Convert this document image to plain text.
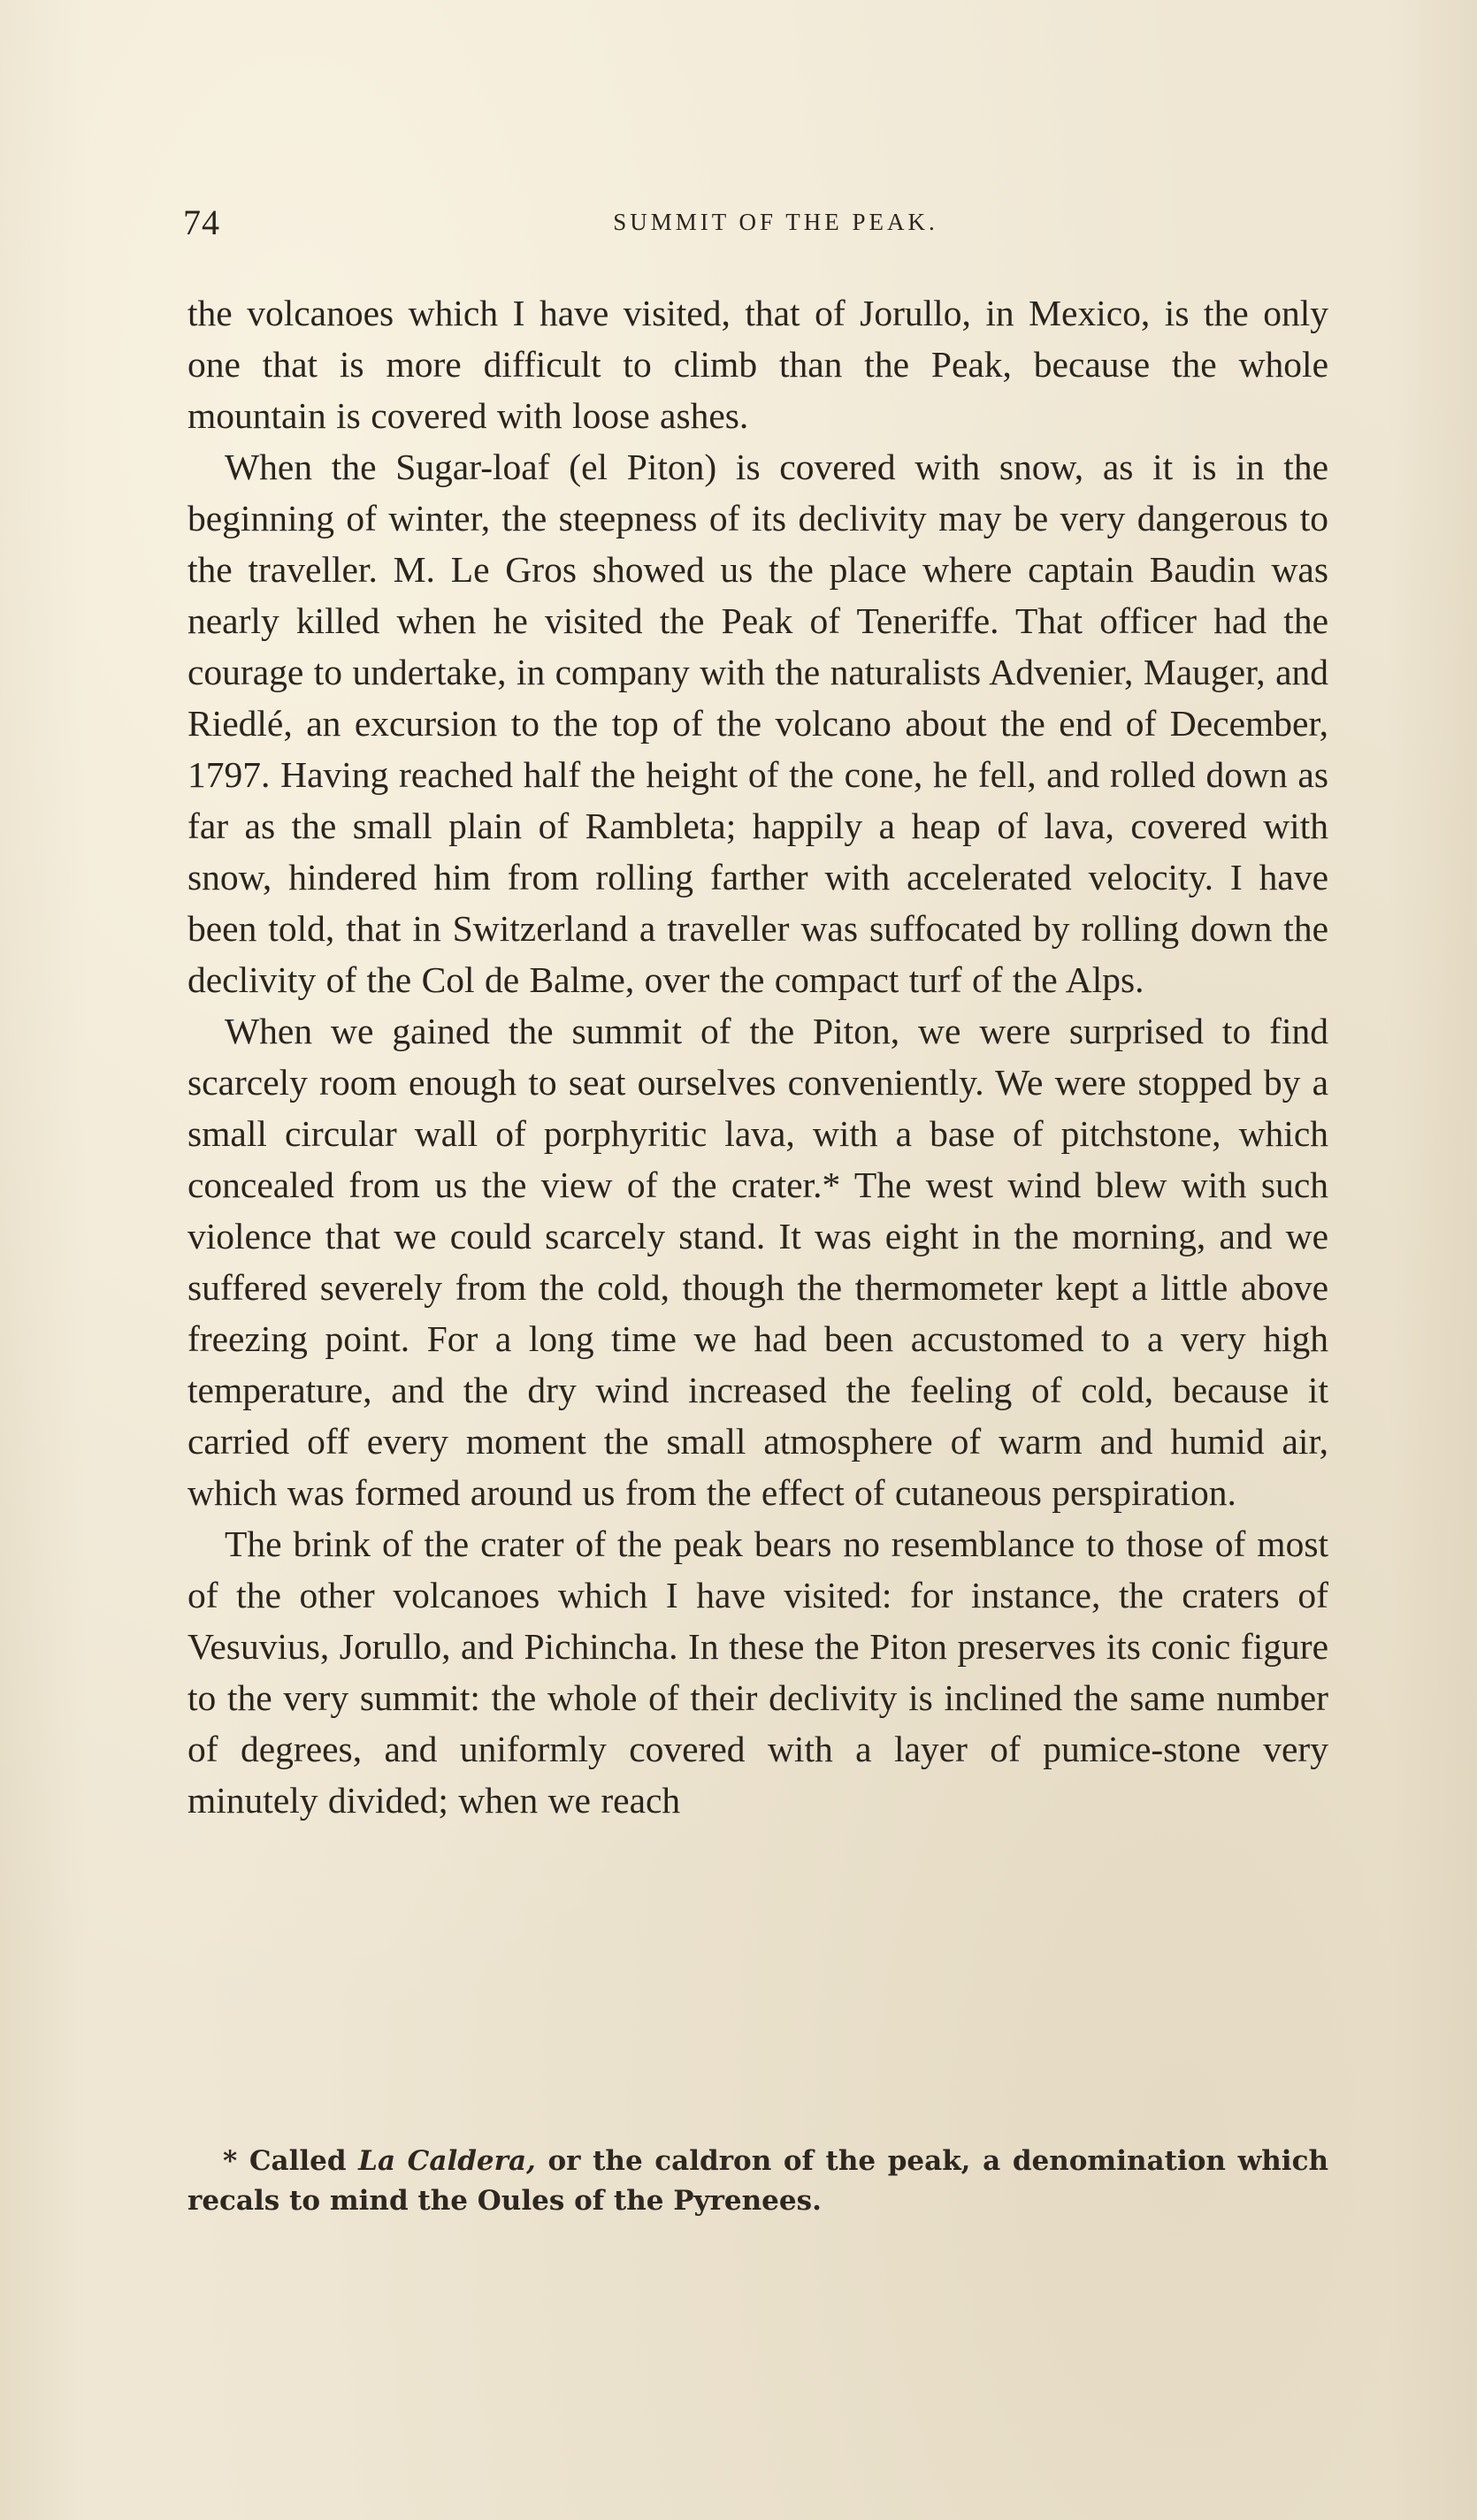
74	SUMMIT OF THE PEAK.

the volcanoes which I have visited, that of Jorullo, in Mexico, is the only one that is more difficult to climb than the Peak, because the whole mountain is covered with loose ashes.

When the Sugar-loaf (el Piton) is covered with snow, as it is in the beginning of winter, the steepness of its declivity may be very dangerous to the traveller. M. Le Gros showed us the place where captain Baudin was nearly killed when he visited the Peak of Teneriffe. That officer had the courage to undertake, in company with the naturalists Advenier, Mauger, and Riedlé, an excursion to the top of the volcano about the end of December, 1797. Having reached half the height of the cone, he fell, and rolled down as far as the small plain of Rambleta; happily a heap of lava, covered with snow, hindered him from rolling farther with accelerated velocity. I have been told, that in Switzerland a traveller was suffocated by rolling down the declivity of the Col de Balme, over the compact turf of the Alps.

When we gained the summit of the Piton, we were surprised to find scarcely room enough to seat ourselves conveniently. We were stopped by a small circular wall of porphyritic lava, with a base of pitchstone, which concealed from us the view of the crater.* The west wind blew with such violence that we could scarcely stand. It was eight in the morning, and we suffered severely from the cold, though the thermometer kept a little above freezing point. For a long time we had been accustomed to a very high temperature, and the dry wind increased the feeling of cold, because it carried off every moment the small atmosphere of warm and humid air, which was formed around us from the effect of cutaneous perspiration.

The brink of the crater of the peak bears no resemblance to those of most of the other volcanoes which I have visited: for instance, the craters of Vesuvius, Jorullo, and Pichincha. In these the Piton preserves its conic figure to the very summit: the whole of their declivity is inclined the same number of degrees, and uniformly covered with a layer of pumice-stone very minutely divided; when we reach

* Called La Caldera, or the caldron of the peak, a denomination which recals to mind the Oules of the Pyrenees.
